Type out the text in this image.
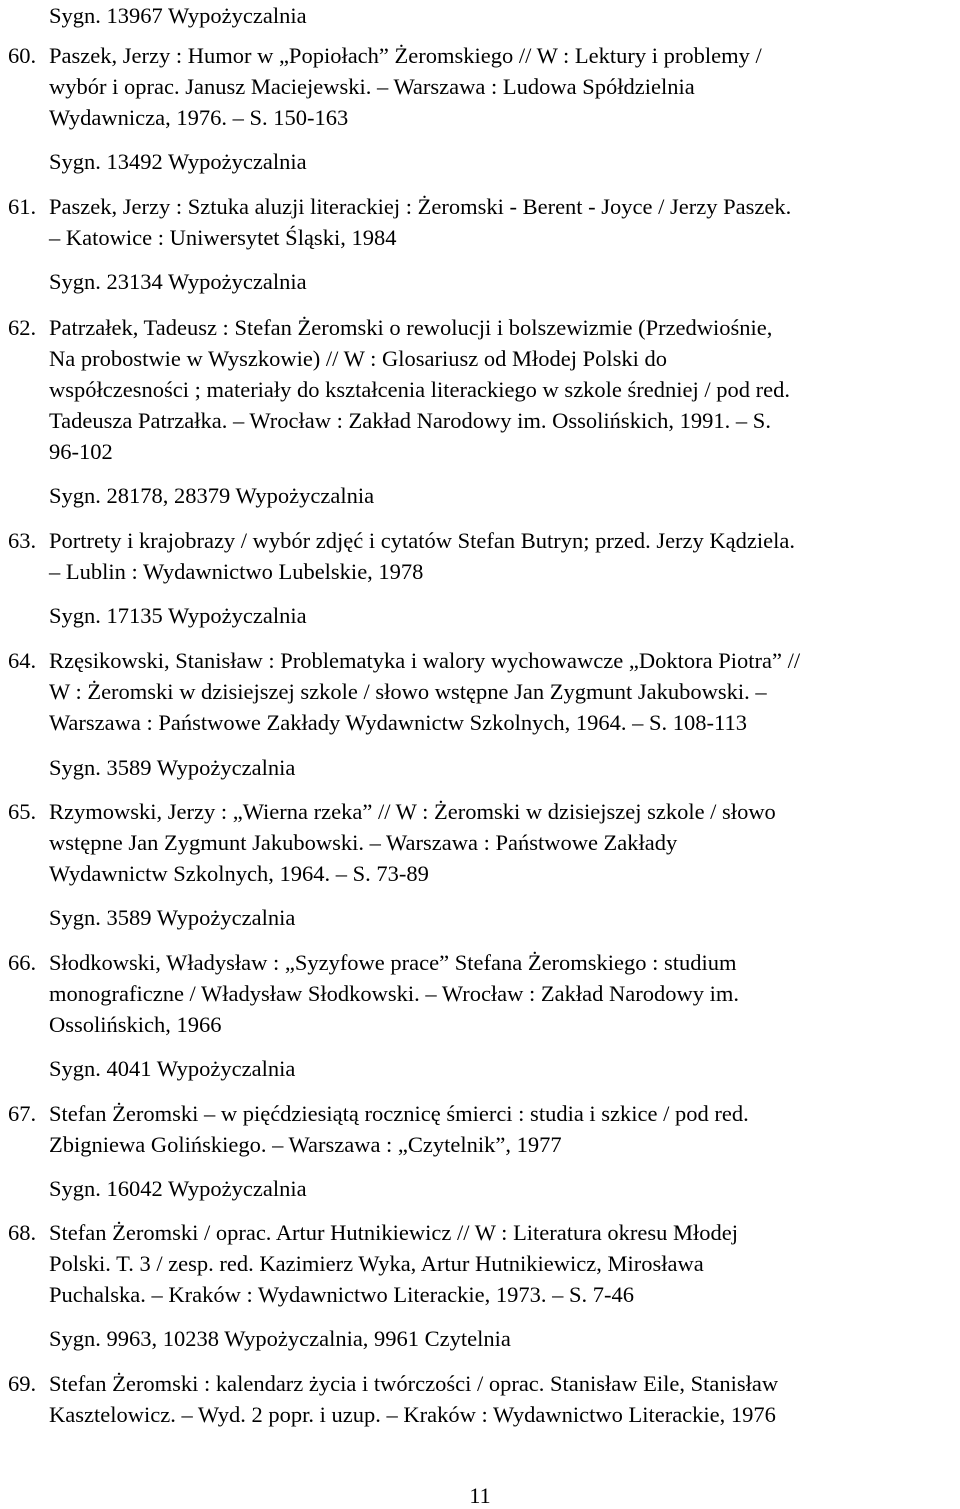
Sygn. 13967 Wypożyczalnia
60. Paszek, Jerzy : Humor w „Popiołach” Żeromskiego // W : Lektury i problemy /
wybór i oprac. Janusz Maciejewski. – Warszawa : Ludowa Spółdzielnia
Wydawnicza, 1976. – S. 150-163
Sygn. 13492 Wypożyczalnia
61. Paszek, Jerzy : Sztuka aluzji literackiej : Żeromski - Berent - Joyce / Jerzy Paszek.
– Katowice : Uniwersytet Śląski, 1984
Sygn. 23134 Wypożyczalnia
62. Patrzałek, Tadeusz : Stefan Żeromski o rewolucji i bolszewizmie (Przedwiośnie,
Na probostwie w Wyszkowie) // W : Glosariusz od Młodej Polski do
współczesności ; materiały do kształcenia literackiego w szkole średniej / pod red.
Tadeusza Patrzałka. – Wrocław : Zakład Narodowy im. Ossolińskich, 1991. – S.
96-102
Sygn. 28178, 28379 Wypożyczalnia
63. Portrety i krajobrazy / wybór zdjęć i cytatów Stefan Butryn; przed. Jerzy Kądziela.
– Lublin : Wydawnictwo Lubelskie, 1978
Sygn. 17135 Wypożyczalnia
64. Rzęsikowski, Stanisław : Problematyka i walory wychowawcze „Doktora Piotra” //
W : Żeromski w dzisiejszej szkole / słowo wstępne Jan Zygmunt Jakubowski. –
Warszawa : Państwowe Zakłady Wydawnictw Szkolnych, 1964. – S. 108-113
Sygn. 3589 Wypożyczalnia
65. Rzymowski, Jerzy : „Wierna rzeka” // W : Żeromski w dzisiejszej szkole / słowo
wstępne Jan Zygmunt Jakubowski. – Warszawa : Państwowe Zakłady
Wydawnictw Szkolnych, 1964. – S. 73-89
Sygn. 3589 Wypożyczalnia
66. Słodkowski, Władysław : „Syzyfowe prace” Stefana Żeromskiego : studium
monograficzne / Władysław Słodkowski. – Wrocław : Zakład Narodowy im.
Ossolińskich, 1966
Sygn. 4041 Wypożyczalnia
67. Stefan Żeromski – w pięćdziesiątą rocznicę śmierci : studia i szkice / pod red.
Zbigniewa Golińskiego. – Warszawa : „Czytelnik”, 1977
Sygn. 16042 Wypożyczalnia
68. Stefan Żeromski / oprac. Artur Hutnikiewicz // W : Literatura okresu Młodej
Polski. T. 3 / zesp. red. Kazimierz Wyka, Artur Hutnikiewicz, Mirosława
Puchalska. – Kraków : Wydawnictwo Literackie, 1973. – S. 7-46
Sygn. 9963, 10238 Wypożyczalnia, 9961 Czytelnia
69. Stefan Żeromski : kalendarz życia i twórczości / oprac. Stanisław Eile, Stanisław
Kasztelowicz. – Wyd. 2 popr. i uzup. – Kraków : Wydawnictwo Literackie, 1976
11
